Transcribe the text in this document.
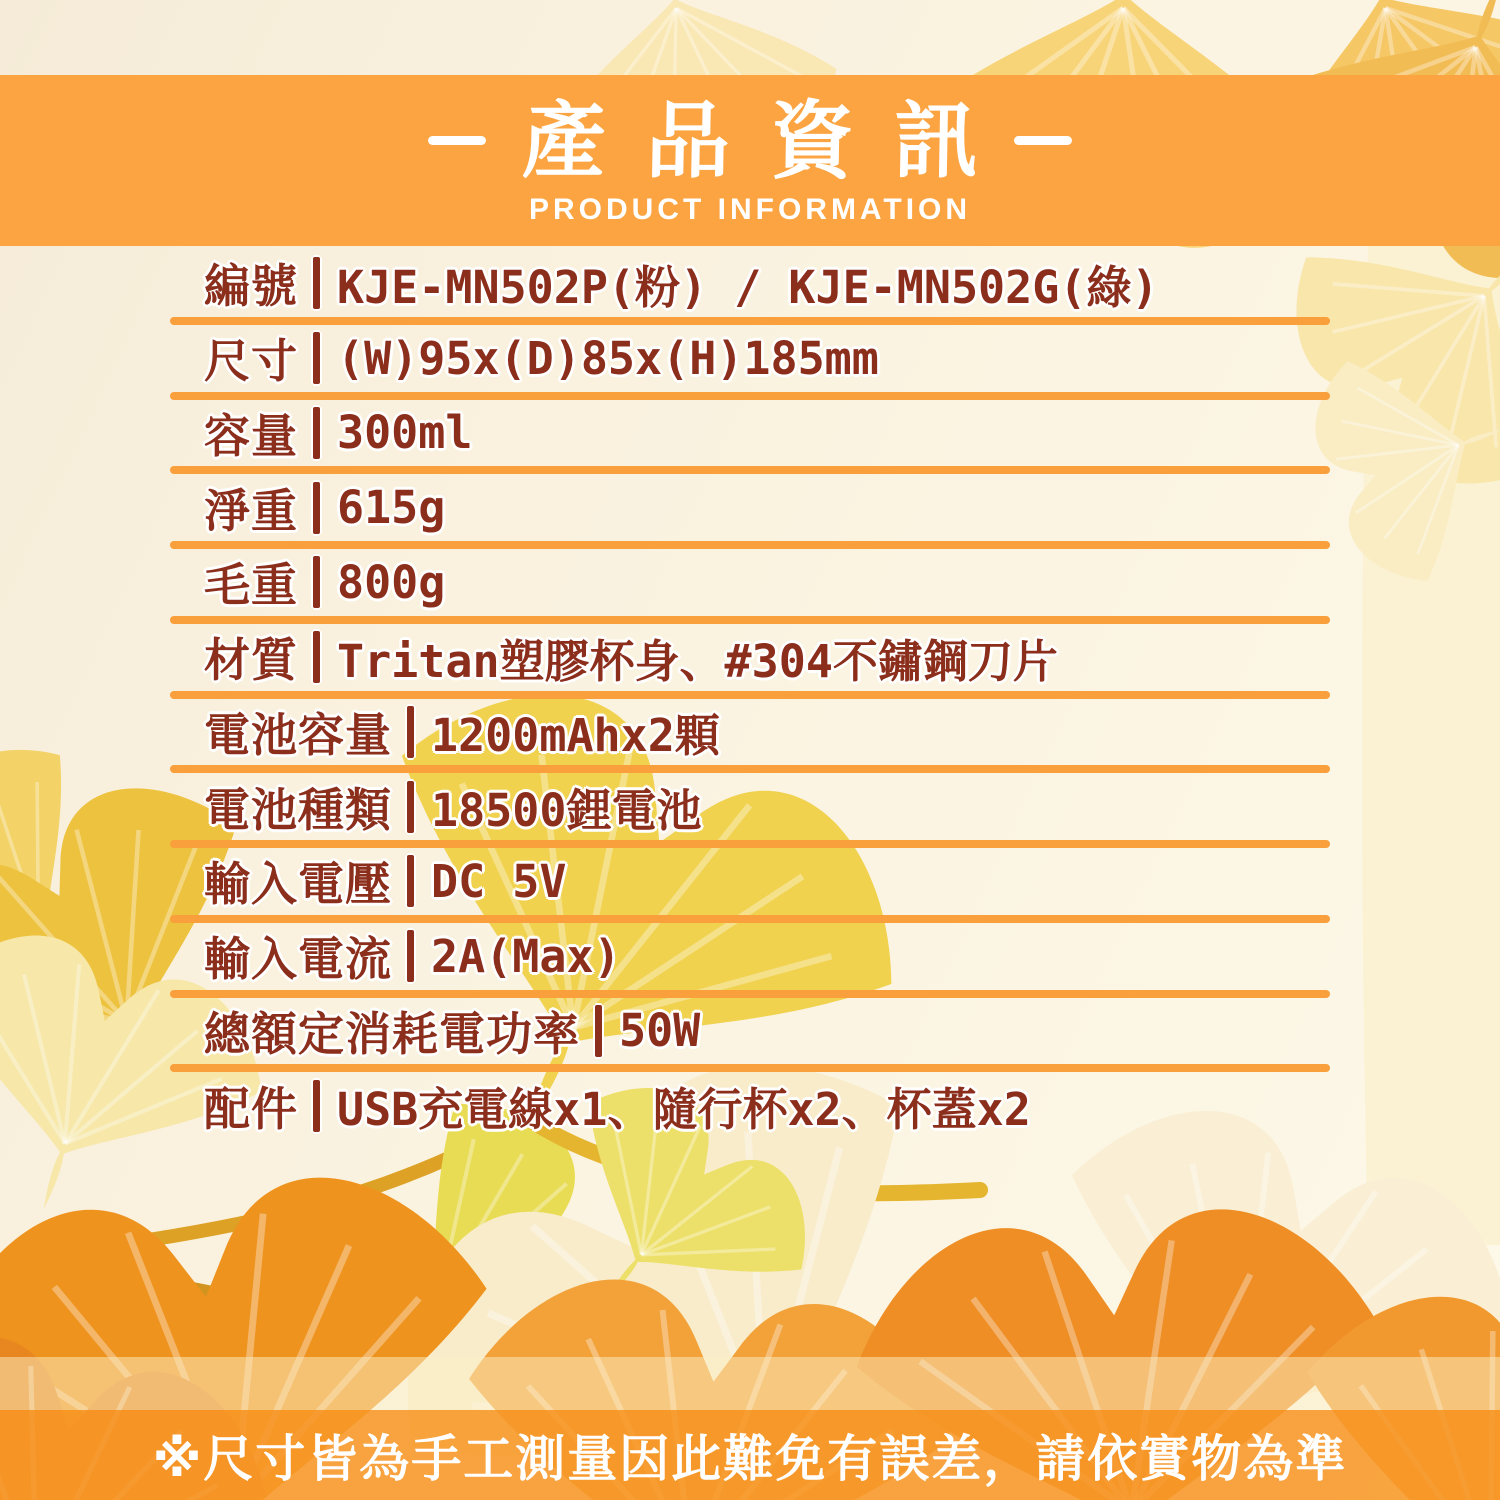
產品資訊
PRODUCT INFORMATION
編號 KJE-MN502P(粉) / KJE-MN502G(綠)
尺寸 (W)95x(D)85x(H)185mm
容量 300ml
淨重 615g
毛重 800g
材質 Tritan塑膠杯身、#304不鏽鋼刀片
電池容量 1200mAhx2顆
電池種類 18500鋰電池
輸入電壓 DC 5V
輸入電流 2A(Max)
總額定消耗電功率 50W
配件 USB充電線x1、隨行杯x2、杯蓋x2

※尺寸皆為手工測量因此難免有誤差，請依實物為準
